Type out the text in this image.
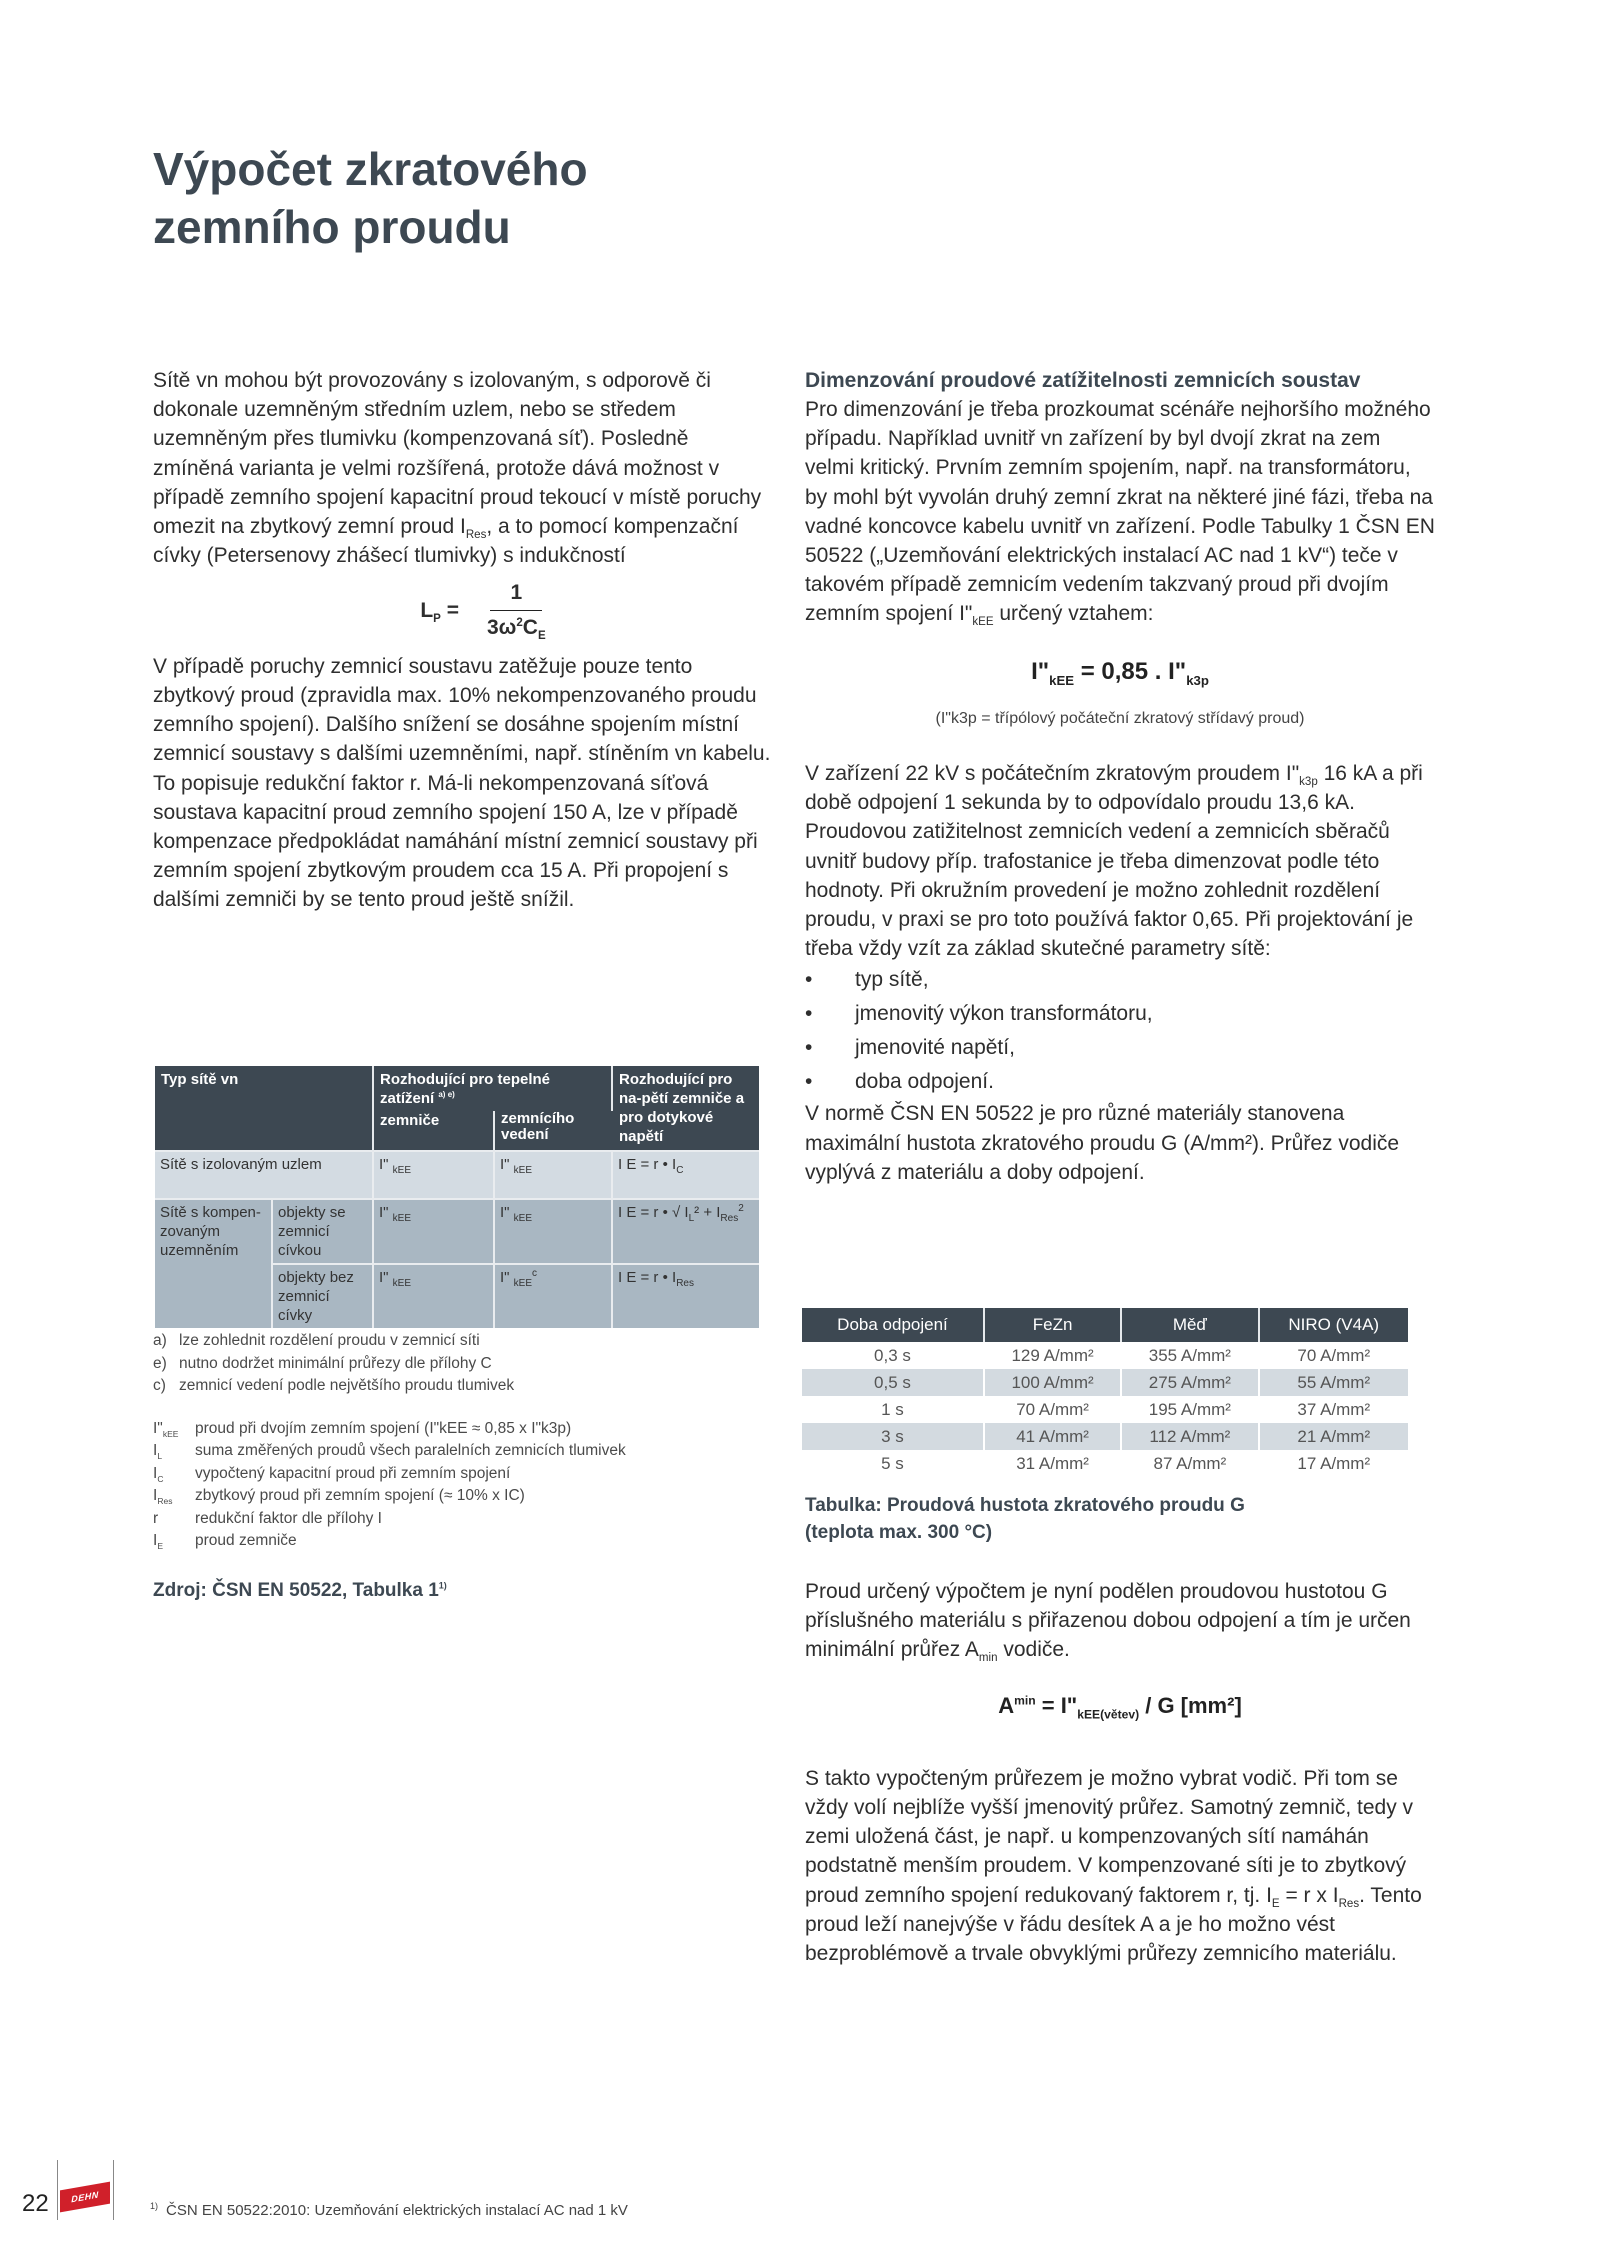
Výpočet zkratového
zemního proudu

Sítě vn mohou být provozovány s izolovaným, s odporově či dokonale uzemněným středním uzlem, nebo se středem uzemněným přes tlumivku (kompenzovaná síť). Posledně zmíněná varianta je velmi rozšířená, protože dává možnost v případě zemního spojení kapacitní proud tekoucí v místě poruchy omezit na zbytkový zemní proud $I_{Res}$, a to pomocí kompenzační cívky (Petersenovy zhášecí tlumivky) s indukčností

$L_P = \frac{1}{3\omega^2C_E}$

V případě poruchy zemnicí soustavu zatěžuje pouze tento zbytkový proud (zpravidla max. 10% nekompenzovaného proudu zemního spojení). Dalšího snížení se dosáhne spojením místní zemnicí soustavy s dalšími uzemněními, např. stíněním vn kabelu. To popisuje redukční faktor r. Má-li nekompenzovaná síťová soustava kapacitní proud zemního spojení 150 A, lze v případě kompenzace předpokládat namáhání místní zemnicí soustavy při zemním spojení zbytkovým proudem cca 15 A. Při propojení s dalšími zemniči by se tento proud ještě snížil.

Typ sítě vn		Rozhodující pro tepelné zatížení $^{a) e)}$		Rozhodující pro na-pětí zemniče a pro dotykové napětí
		zemniče	zemnícího vedení	
Sítě s izolovaným uzlem		I" $_{kEE}$	I" $_{kEE}$	I E = r • $I_C$
Sítě s kompen-zovaným uzemněním	objekty se zemnicí cívkou	I" $_{kEE}$	I" $_{kEE}$	I E = r • √ $I_L^2 + I_{Res}^2$
	objekty bez zemnicí cívky	I" $_{kEE}$	I" $_{kEE}^c$	I E = r • $I_{Res}$
a) lze zohlednit rozdělení proudu v zemnicí síti
e) nutno dodržet minimální průřezy dle přílohy C
c) zemnicí vedení podle největšího proudu tlumivek
$I"_{kEE}$	proud při dvojím zemním spojení (I"kEE ≈ 0,85 x I"k3p)
$I_L$	suma změřených proudů všech paralelních zemnicích tlumivek
$I_C$	vypočtený kapacitní proud při zemním spojení
$I_{Res}$	zbytkový proud při zemním spojení (≈ 10% x IC)
r	redukční faktor dle přílohy I
$I_E$	proud zemniče
Zdroj: ČSN EN 50522, Tabulka 1$^{1)}$
Dimenzování proudové zatížitelnosti zemnicích soustav

Pro dimenzování je třeba prozkoumat scénáře nejhoršího možného případu. Například uvnitř vn zařízení by byl dvojí zkrat na zem velmi kritický. Prvním zemním spojením, např. na transformátoru, by mohl být vyvolán druhý zemní zkrat na některé jiné fázi, třeba na vadné koncovce kabelu uvnitř vn zařízení. Podle Tabulky 1 ČSN EN 50522 („Uzemňování elektrických instalací AC nad 1 kV“) teče v takovém případě zemnicím vedením takzvaný proud při dvojím zemním spojení $I"_{kEE}$ určený vztahem:

$I"_{kEE} = 0,85$ . $I"_{k3p}$
(I"k3p = třípólový počáteční zkratový střídavý proud)

V zařízení 22 kV s počátečním zkratovým proudem $I"_{k3p}$ 16 kA a při době odpojení 1 sekunda by to odpovídalo proudu 13,6 kA. Proudovou zatižitelnost zemnicích vedení a zemnicích sběračů uvnitř budovy příp. trafostanice je třeba dimenzovat podle této hodnoty. Při okružním provedení je možno zohlednit rozdělení proudu, v praxi se pro toto používá faktor 0,65. Při projektování je třeba vždy vzít za základ skutečné parametry sítě:

•	typ sítě,
•	jmenovitý výkon transformátoru,
•	jmenovité napětí,
•	doba odpojení.

V normě ČSN EN 50522 je pro různé materiály stanovena maximální hustota zkratového proudu G (A/mm²). Průřez vodiče vyplývá z materiálu a doby odpojení.

Doba odpojení	FeZn	Měď	NIRO (V4A)
0,3 s	129 A/mm²	355 A/mm²	70 A/mm²
0,5 s	100 A/mm²	275 A/mm²	55 A/mm²
1 s	70 A/mm²	195 A/mm²	37 A/mm²
3 s	41 A/mm²	112 A/mm²	21 A/mm²
5 s	31 A/mm²	87 A/mm²	17 A/mm²
Tabulka: Proudová hustota zkratového proudu G
(teplota max. 300 °C)

Proud určený výpočtem je nyní podělen proudovou hustotou G příslušného materiálu s přiřazenou dobou odpojení a tím je určen minimální průřez $A_{min}$ vodiče.

$A^{min}$ = $I"_{kEE(větev)}$ / G [mm²]

S takto vypočteným průřezem je možno vybrat vodič. Při tom se vždy volí nejblíže vyšší jmenovitý průřez. Samotný zemnič, tedy v zemi uložená část, je např. u kompenzovaných sítí namáhán podstatně menším proudem. V kompenzované síti je to zbytkový proud zemního spojení redukovaný faktorem r, tj. $I_E = r$ x $I_{Res}$. Tento proud leží nanejvýše v řádu desítek A a je ho možno vést bezproblémově a trvale obvyklými průřezy zemnicího materiálu.

22	DEHN
$^{1)}$ ČSN EN 50522:2010: Uzemňování elektrických instalací AC nad 1 kV
